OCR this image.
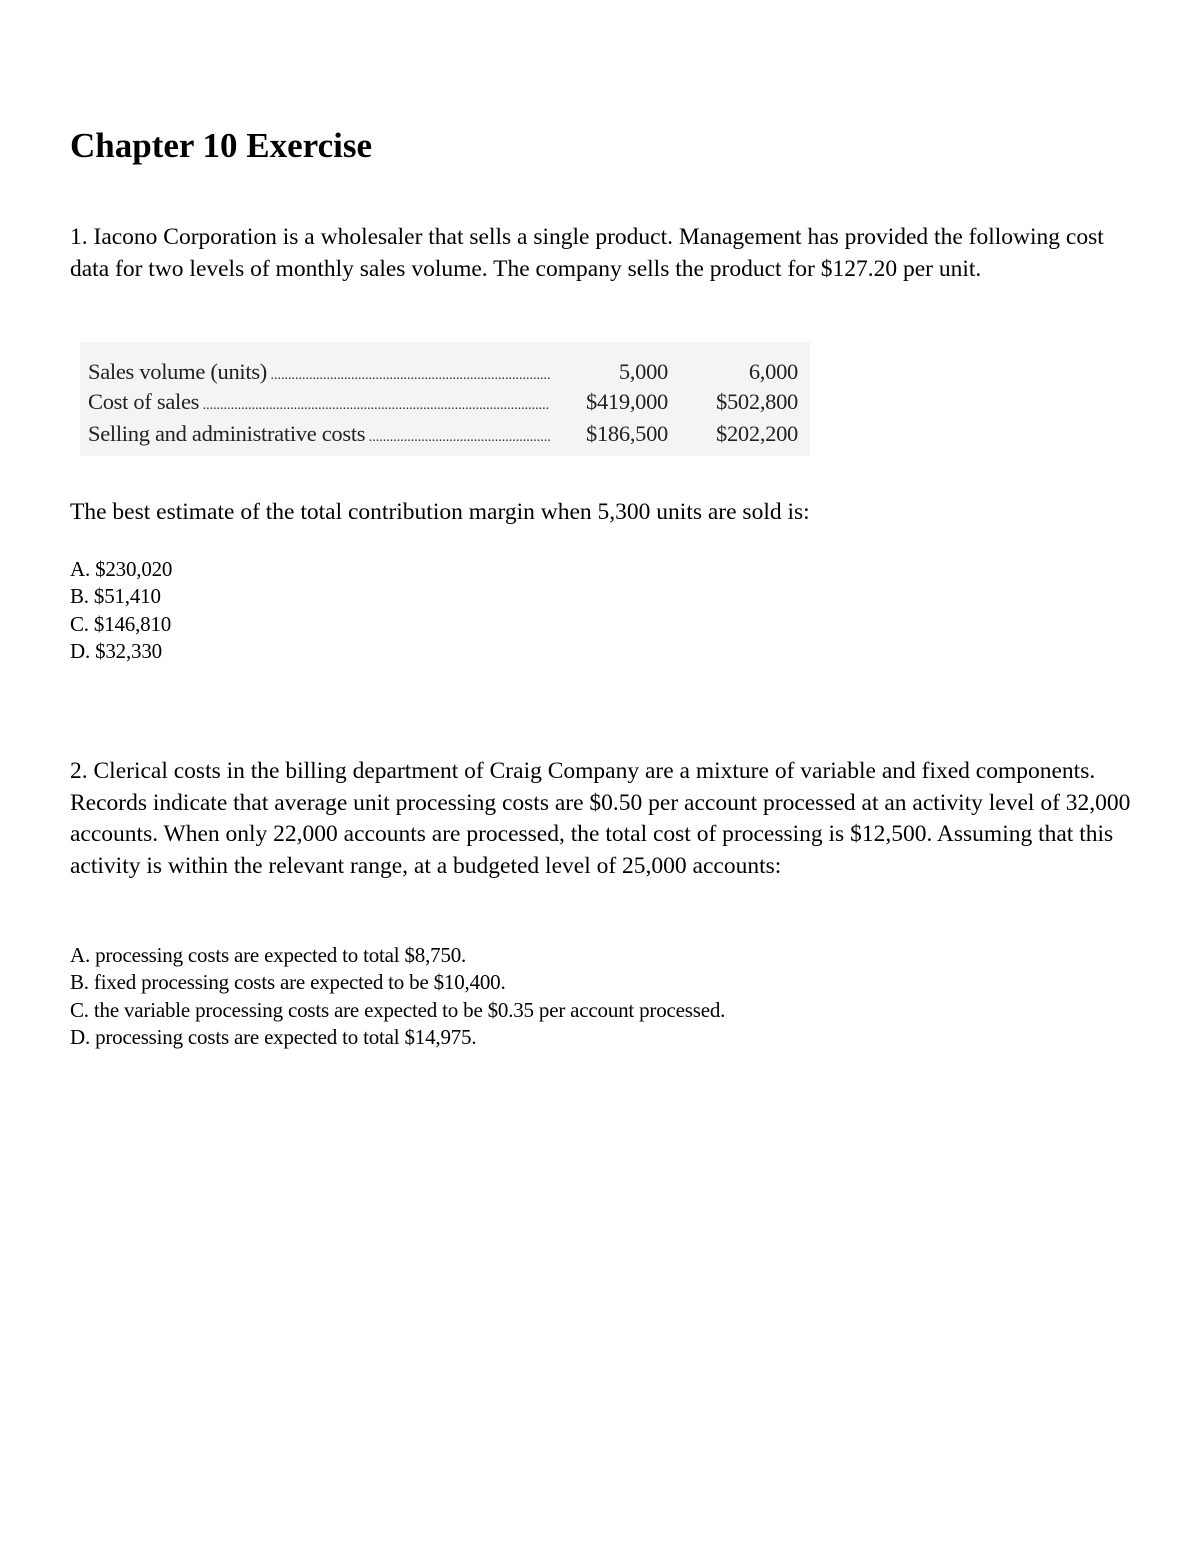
Chapter 10 Exercise

1. Iacono Corporation is a wholesaler that sells a single product. Management has provided the following cost data for two levels of monthly sales volume. The company sells the product for $127.20 per unit.

Sales volume (units) .....	5,000	6,000
Cost of sales .....	$419,000	$502,800
Selling and administrative costs .....	$186,500	$202,200

The best estimate of the total contribution margin when 5,300 units are sold is:

A. $230,020
B. $51,410
C. $146,810
D. $32,330

2. Clerical costs in the billing department of Craig Company are a mixture of variable and fixed components. Records indicate that average unit processing costs are $0.50 per account processed at an activity level of 32,000 accounts. When only 22,000 accounts are processed, the total cost of processing is $12,500. Assuming that this activity is within the relevant range, at a budgeted level of 25,000 accounts:

A. processing costs are expected to total $8,750.
B. fixed processing costs are expected to be $10,400.
C. the variable processing costs are expected to be $0.35 per account processed.
D. processing costs are expected to total $14,975.
